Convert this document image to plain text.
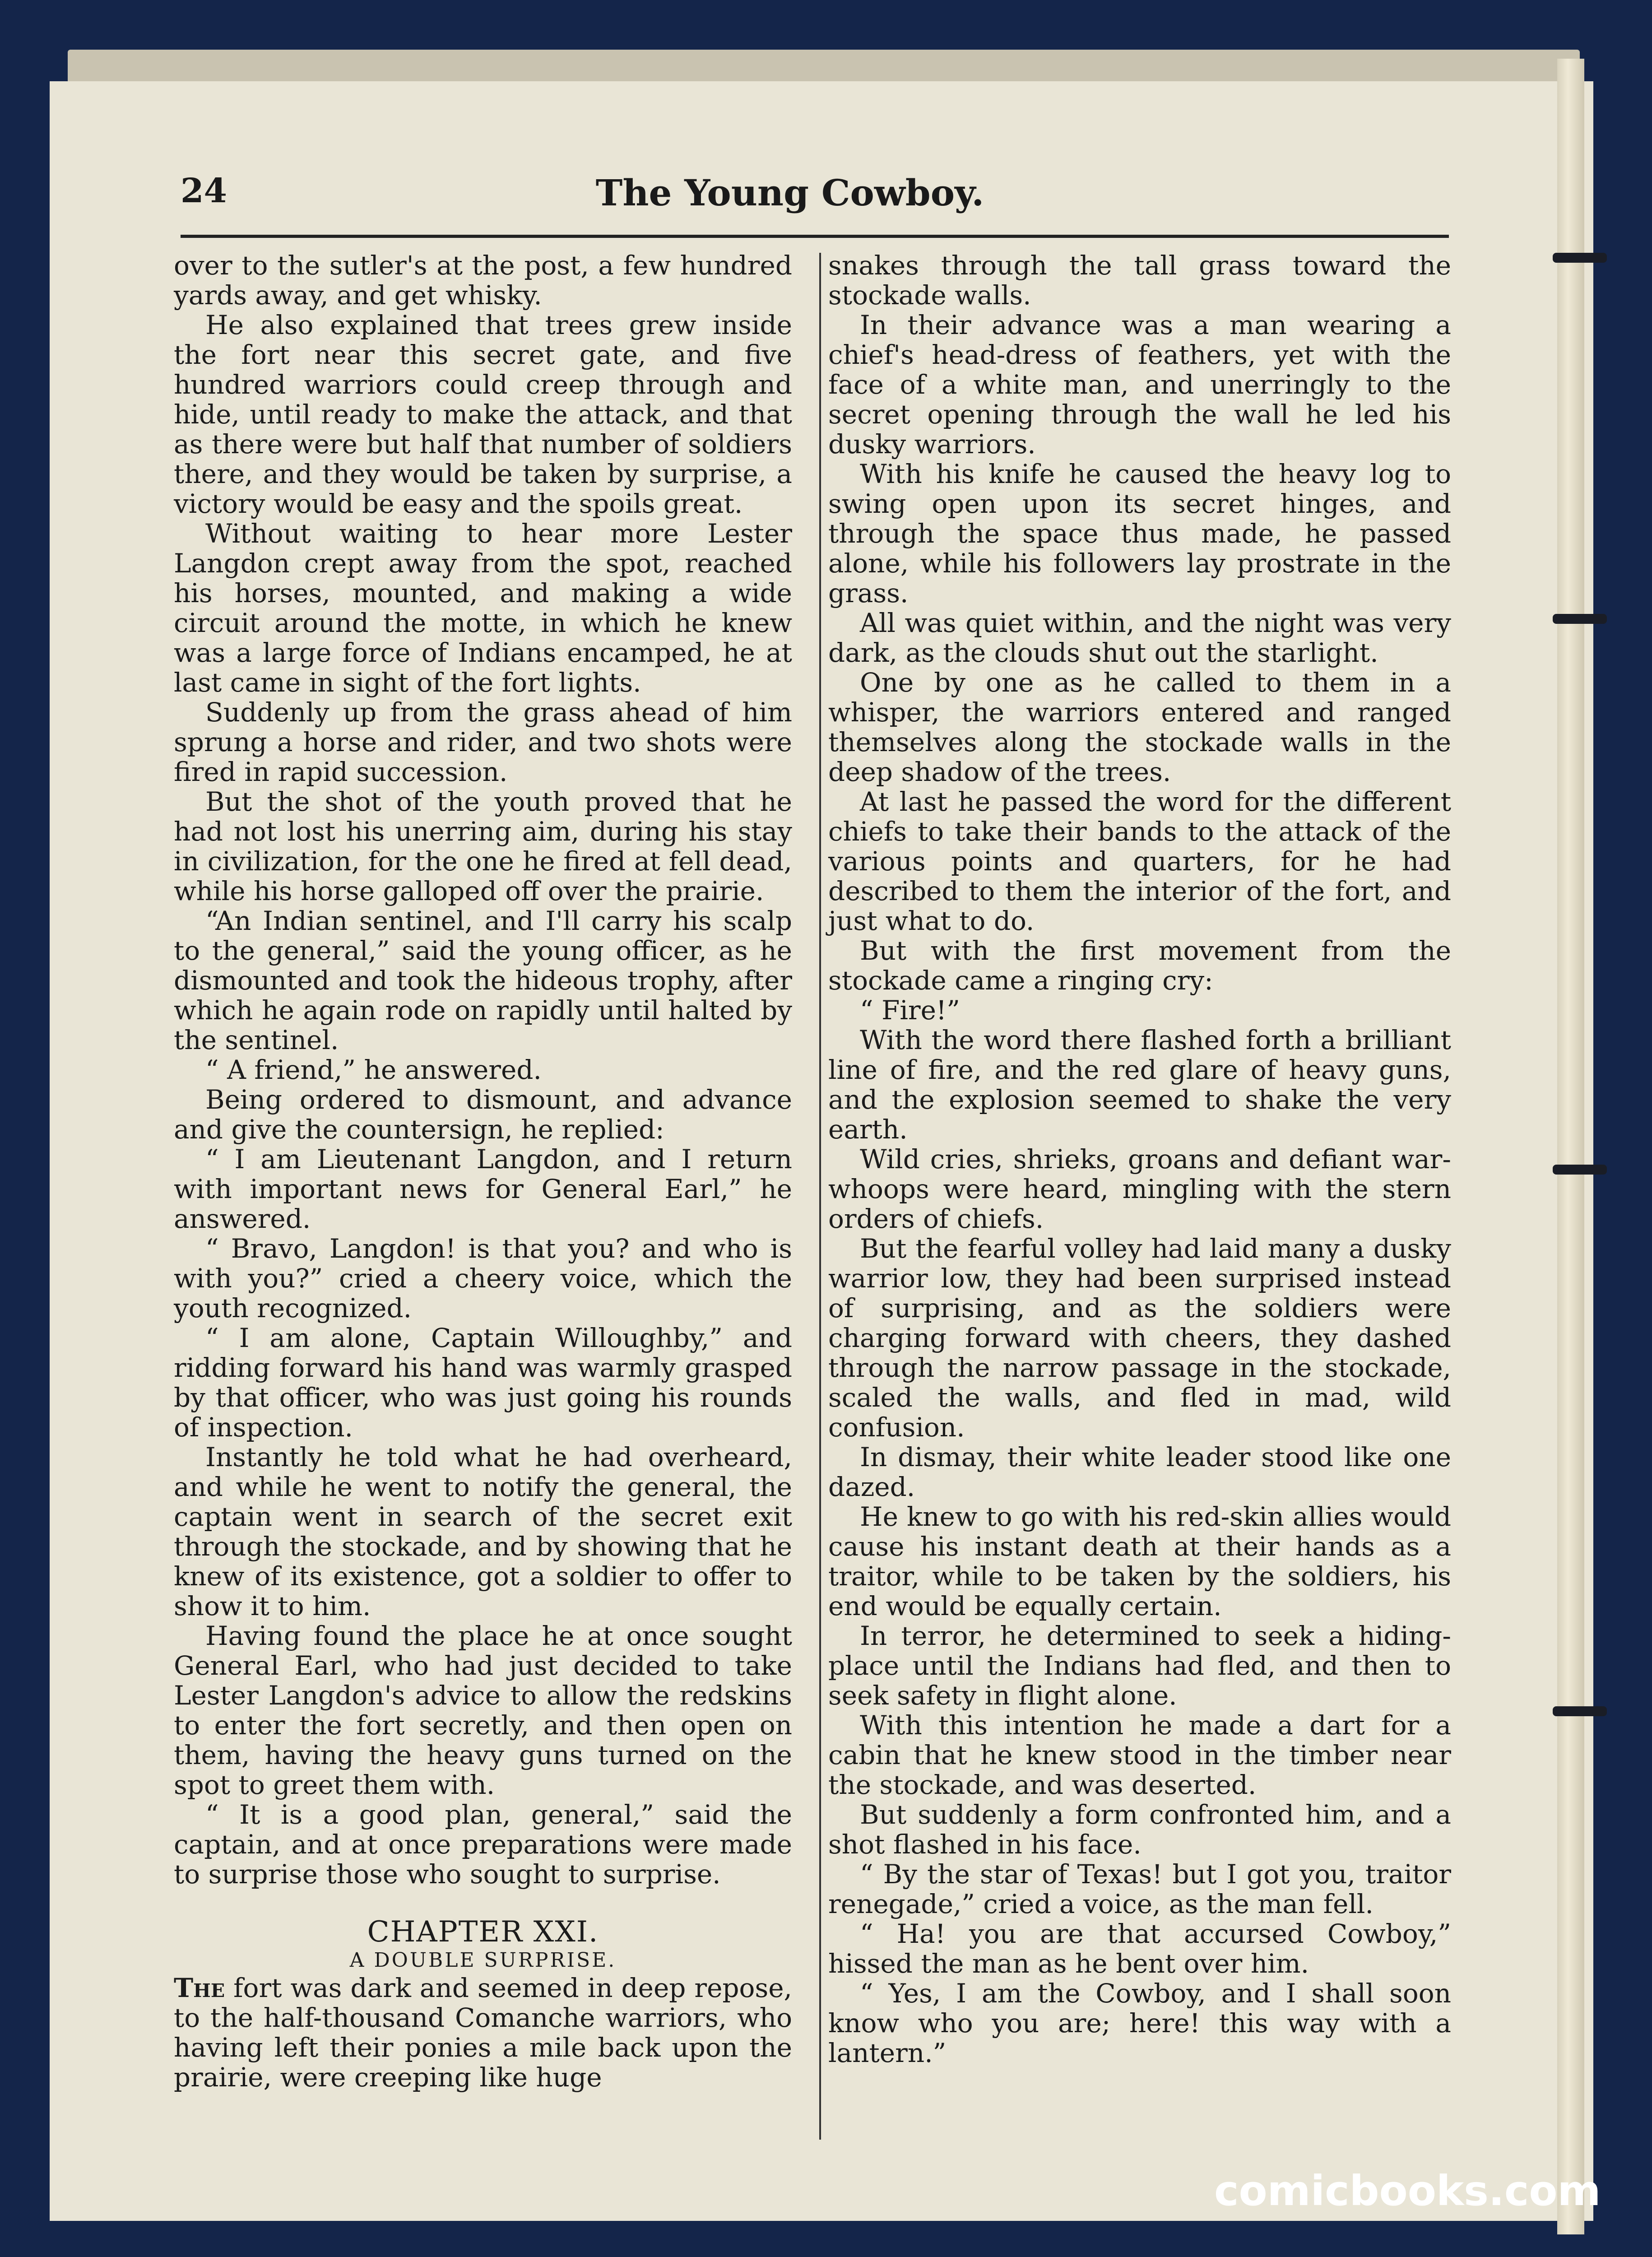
24	The Young Cowboy.

over to the sutler's at the post, a few hundred yards away, and get whisky.

He also explained that trees grew inside the fort near this secret gate, and five hundred warriors could creep through and hide, until ready to make the attack, and that as there were but half that number of soldiers there, and they would be taken by surprise, a victory would be easy and the spoils great.

Without waiting to hear more Lester Langdon crept away from the spot, reached his horses, mounted, and making a wide circuit around the motte, in which he knew was a large force of Indians encamped, he at last came in sight of the fort lights.

Suddenly up from the grass ahead of him sprung a horse and rider, and two shots were fired in rapid succession.

But the shot of the youth proved that he had not lost his unerring aim, during his stay in civilization, for the one he fired at fell dead, while his horse galloped off over the prairie.

“An Indian sentinel, and I'll carry his scalp to the general,” said the young officer, as he dismounted and took the hideous trophy, after which he again rode on rapidly until halted by the sentinel.

“ A friend,” he answered.

Being ordered to dismount, and advance and give the countersign, he replied:

“ I am Lieutenant Langdon, and I return with important news for General Earl,” he answered.

“ Bravo, Langdon! is that you? and who is with you?” cried a cheery voice, which the youth recognized.

“ I am alone, Captain Willoughby,” and ridding forward his hand was warmly grasped by that officer, who was just going his rounds of inspection.

Instantly he told what he had overheard, and while he went to notify the general, the captain went in search of the secret exit through the stockade, and by showing that he knew of its existence, got a soldier to offer to show it to him.

Having found the place he at once sought General Earl, who had just decided to take Lester Langdon's advice to allow the redskins to enter the fort secretly, and then open on them, having the heavy guns turned on the spot to greet them with.

“ It is a good plan, general,” said the captain, and at once preparations were made to surprise those who sought to surprise.

CHAPTER XXI.
A DOUBLE SURPRISE.

The fort was dark and seemed in deep repose, to the half-thousand Comanche warriors, who having left their ponies a mile back upon the prairie, were creeping like huge

snakes through the tall grass toward the stockade walls.

In their advance was a man wearing a chief's head-dress of feathers, yet with the face of a white man, and unerringly to the secret opening through the wall he led his dusky warriors.

With his knife he caused the heavy log to swing open upon its secret hinges, and through the space thus made, he passed alone, while his followers lay prostrate in the grass.

All was quiet within, and the night was very dark, as the clouds shut out the starlight.

One by one as he called to them in a whisper, the warriors entered and ranged themselves along the stockade walls in the deep shadow of the trees.

At last he passed the word for the different chiefs to take their bands to the attack of the various points and quarters, for he had described to them the interior of the fort, and just what to do.

But with the first movement from the stockade came a ringing cry:

“ Fire!”

With the word there flashed forth a brilliant line of fire, and the red glare of heavy guns, and the explosion seemed to shake the very earth.

Wild cries, shrieks, groans and defiant war-whoops were heard, mingling with the stern orders of chiefs.

But the fearful volley had laid many a dusky warrior low, they had been surprised instead of surprising, and as the soldiers were charging forward with cheers, they dashed through the narrow passage in the stockade, scaled the walls, and fled in mad, wild confusion.

In dismay, their white leader stood like one dazed.

He knew to go with his red-skin allies would cause his instant death at their hands as a traitor, while to be taken by the soldiers, his end would be equally certain.

In terror, he determined to seek a hiding-place until the Indians had fled, and then to seek safety in flight alone.

With this intention he made a dart for a cabin that he knew stood in the timber near the stockade, and was deserted.

But suddenly a form confronted him, and a shot flashed in his face.

“ By the star of Texas! but I got you, traitor renegade,” cried a voice, as the man fell.

“ Ha! you are that accursed Cowboy,” hissed the man as he bent over him.

“ Yes, I am the Cowboy, and I shall soon know who you are; here! this way with a lantern.”

comicbooks.com
